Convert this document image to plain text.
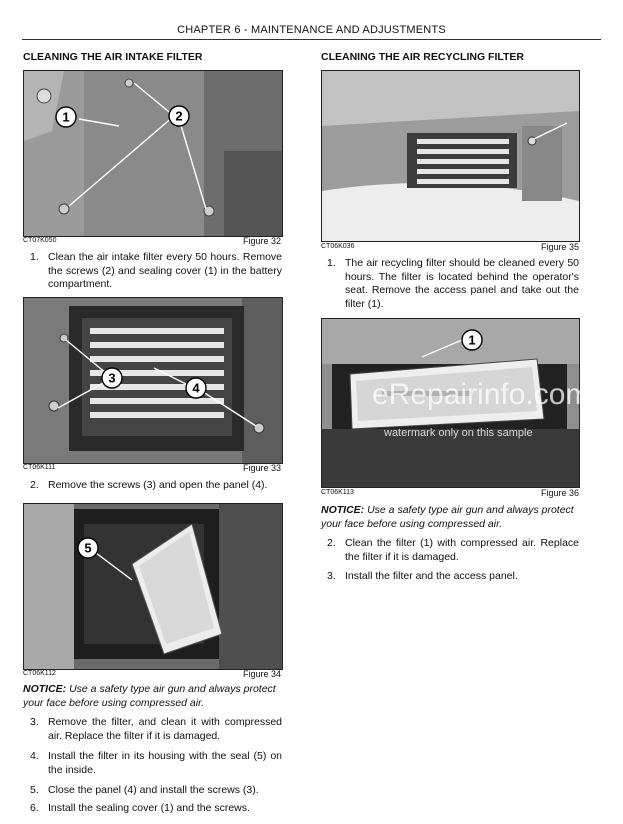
CHAPTER 6 - MAINTENANCE AND ADJUSTMENTS
CLEANING THE AIR INTAKE FILTER
1	2
CT07K050	Figure 32
1. Clean the air intake filter every 50 hours. Remove the screws (2) and sealing cover (1) in the battery compartment.
3
4
CT06K111	Figure 33
2. Remove the screws (3) and open the panel (4).
5
CT06K112	Figure 34
NOTICE: Use a safety type air gun and always protect your face before using compressed air.
3. Remove the filter, and clean it with compressed air. Replace the filter if it is damaged.
4. Install the filter in its housing with the seal (5) on the inside.
5. Close the panel (4) and install the screws (3).
6. Install the sealing cover (1) and the screws.
CLEANING THE AIR RECYCLING FILTER
CT06K036	Figure 35
1. The air recycling filter should be cleaned every 50 hours. The filter is located behind the operator's seat. Remove the access panel and take out the filter (1).
1
eRepairinfo.com
watermark only on this sample
CT06K113	Figure 36
NOTICE: Use a safety type air gun and always protect your face before using compressed air.
2. Clean the filter (1) with compressed air. Replace the filter if it is damaged.
3. Install the filter and the access panel.
